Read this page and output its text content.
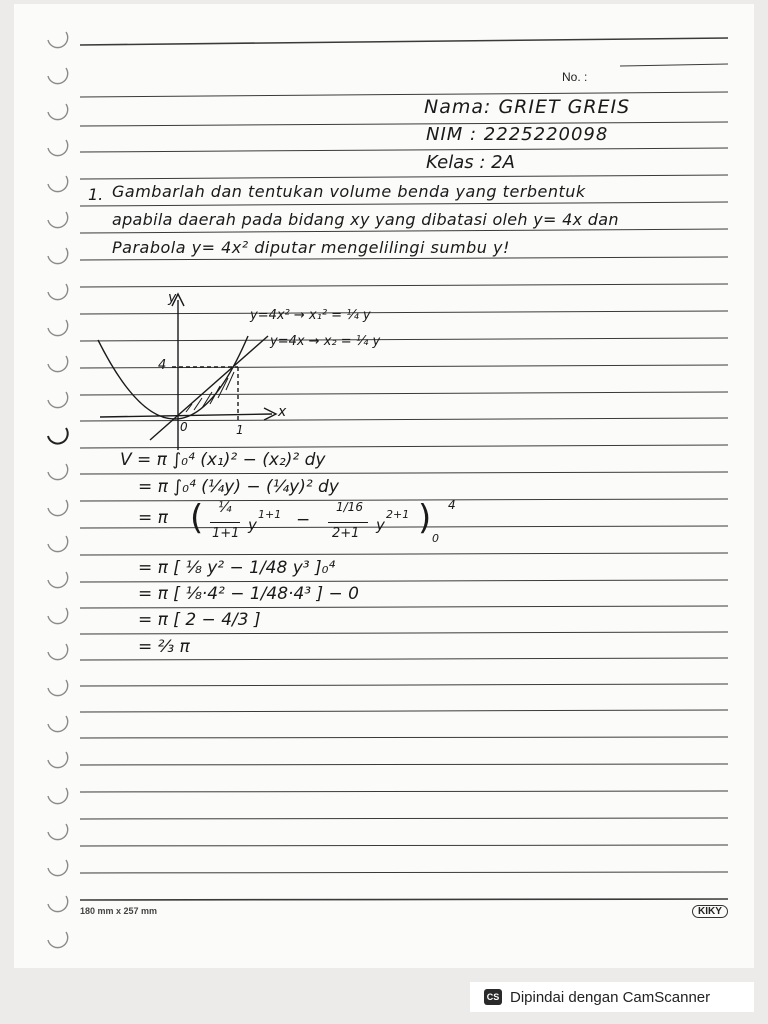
No. :
Nama: GRIET GREIS
NIM : 2225220098
Kelas : 2A
1. Gambarlah dan tentukan volume benda yang terbentuk
apabila daerah pada bidang xy yang dibatasi oleh y= 4x dan
Parabola y= 4x² diputar mengelilingi sumbu y!
y
x
y=4x² → x₁² = ¼ y
y=4x → x₂ = ¼ y
4
1
0
V = π ∫₀⁴ (x₁)² − (x₂)² dy
= π ∫₀⁴ (¼y) − (¼y)² dy
= π ( ¼
1+1 y
1+1 −
1/16
2+1 y
2+1 ) 4
0
= π [ ⅛ y² − 1/48 y³ ]₀⁴
= π [ ⅛·4² − 1/48·4³ ] − 0
= π [ 2 − 4/3 ]
= ⅔ π
180 mm x 257 mm	KIKY
CS Dipindai dengan CamScanner
